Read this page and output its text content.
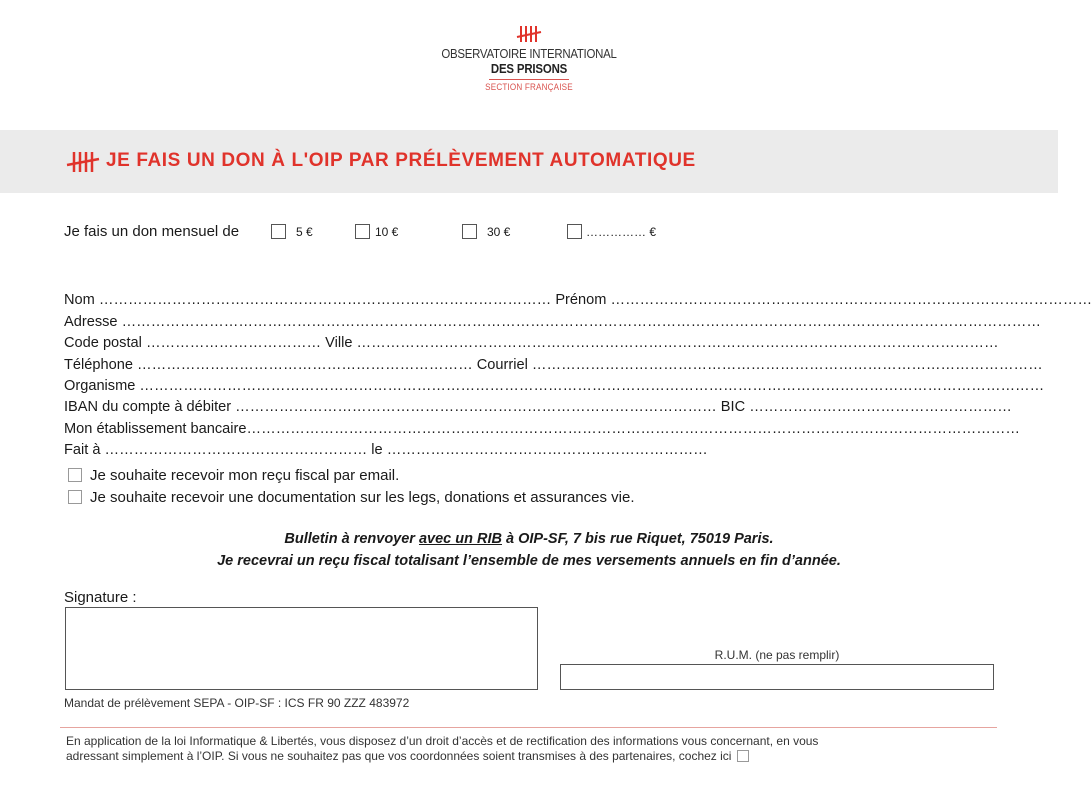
OBSERVATOIRE INTERNATIONAL
DES PRISONS
SECTION FRANÇAISE
JE FAIS UN DON À L'OIP PAR PRÉLÈVEMENT AUTOMATIQUE
Je fais un don mensuel de	5 €	10 €	30 €	…………… €
Nom ………………………………………………………………………………… Prénom ………………………………………………………………………………………
Adresse ………………………………………………………………………………………………………………………………………………………………………
Code postal ……………………………… Ville ……………………………………………………………………………………………………………………
Téléphone …………………………………………………………… Courriel ……………………………………………………………………………………………
Organisme ……………………………………………………………………………………………………………………………………………………………………
IBAN du compte à débiter ……………………………………………………………………………………… BIC ………………………………………………
Mon établissement bancaire……………………………………………………………………………………………………………………………………………
Fait à ……………………………………………… le …………………………………………………………
Je souhaite recevoir mon reçu fiscal par email.
Je souhaite recevoir une documentation sur les legs, donations et assurances vie.
Bulletin à renvoyer avec un RIB à OIP-SF, 7 bis rue Riquet, 75019 Paris.
Je recevrai un reçu fiscal totalisant l’ensemble de mes versements annuels en fin d’année.
Signature :
R.U.M. (ne pas remplir)
Mandat de prélèvement SEPA - OIP-SF : ICS FR 90 ZZZ 483972
En application de la loi Informatique & Libertés, vous disposez d’un droit d’accès et de rectification des informations vous concernant, en vous
adressant simplement à l’OIP. Si vous ne souhaitez pas que vos coordonnées soient transmises à des partenaires, cochez ici
